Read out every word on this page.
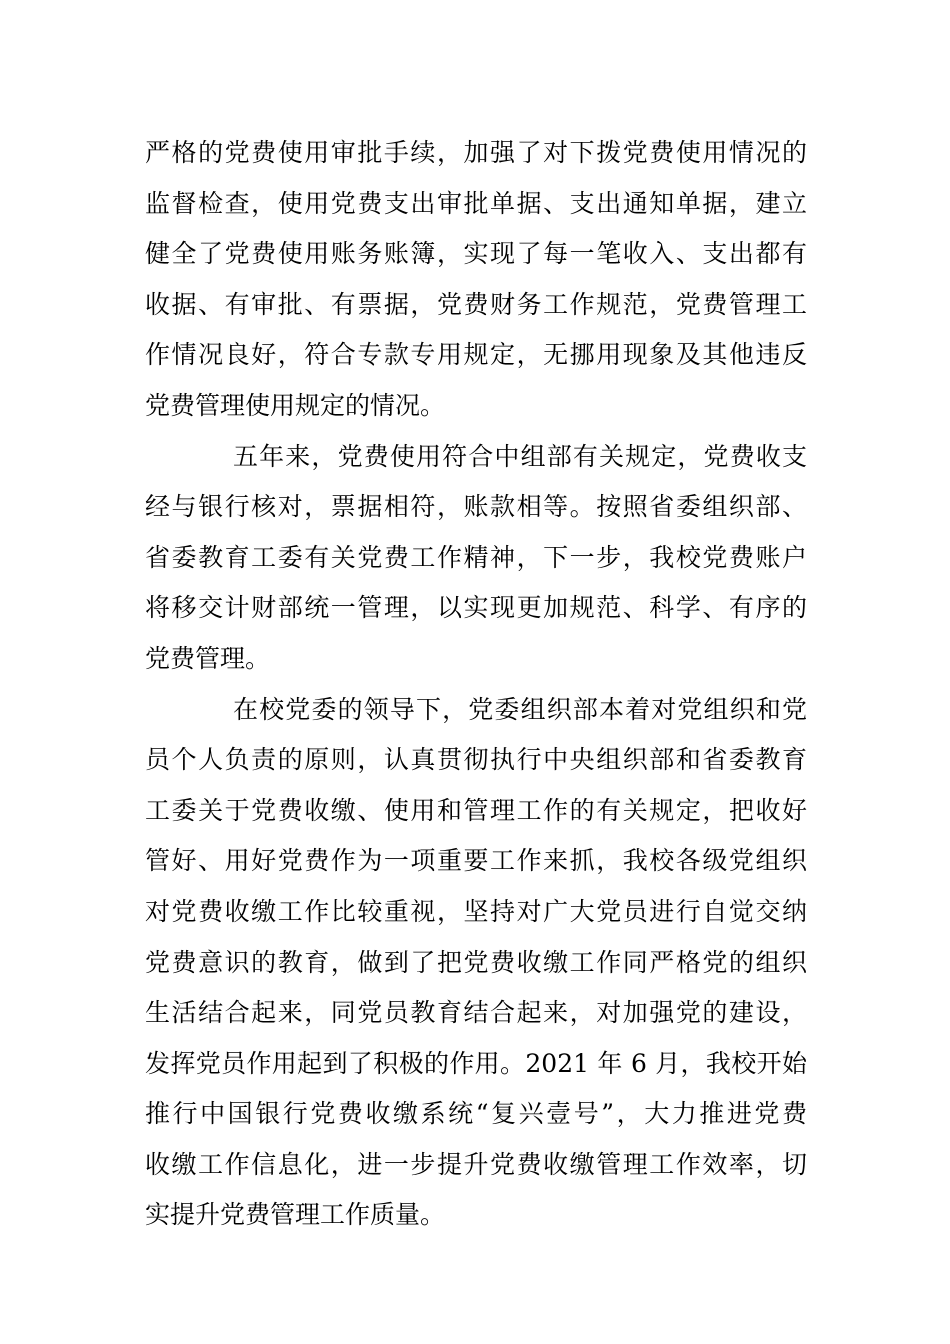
严格的党费使用审批手续，加强了对下拨党费使用情况的
监督检查，使用党费支出审批单据、支出通知单据，建立
健全了党费使用账务账簿，实现了每一笔收入、支出都有
收据、有审批、有票据，党费财务工作规范，党费管理工
作情况良好，符合专款专用规定，无挪用现象及其他违反
党费管理使用规定的情况。
五年来，党费使用符合中组部有关规定，党费收支
经与银行核对，票据相符，账款相等。按照省委组织部、
省委教育工委有关党费工作精神，下一步，我校党费账户
将移交计财部统一管理，以实现更加规范、科学、有序的
党费管理。
在校党委的领导下，党委组织部本着对党组织和党
员个人负责的原则，认真贯彻执行中央组织部和省委教育
工委关于党费收缴、使用和管理工作的有关规定，把收好
管好、用好党费作为一项重要工作来抓，我校各级党组织
对党费收缴工作比较重视，坚持对广大党员进行自觉交纳
党费意识的教育，做到了把党费收缴工作同严格党的组织
生活结合起来，同党员教育结合起来，对加强党的建设，
发挥党员作用起到了积极的作用。2021 年 6 月，我校开始
推行中国银行党费收缴系统“复兴壹号”，大力推进党费
收缴工作信息化，进一步提升党费收缴管理工作效率，切
实提升党费管理工作质量。
